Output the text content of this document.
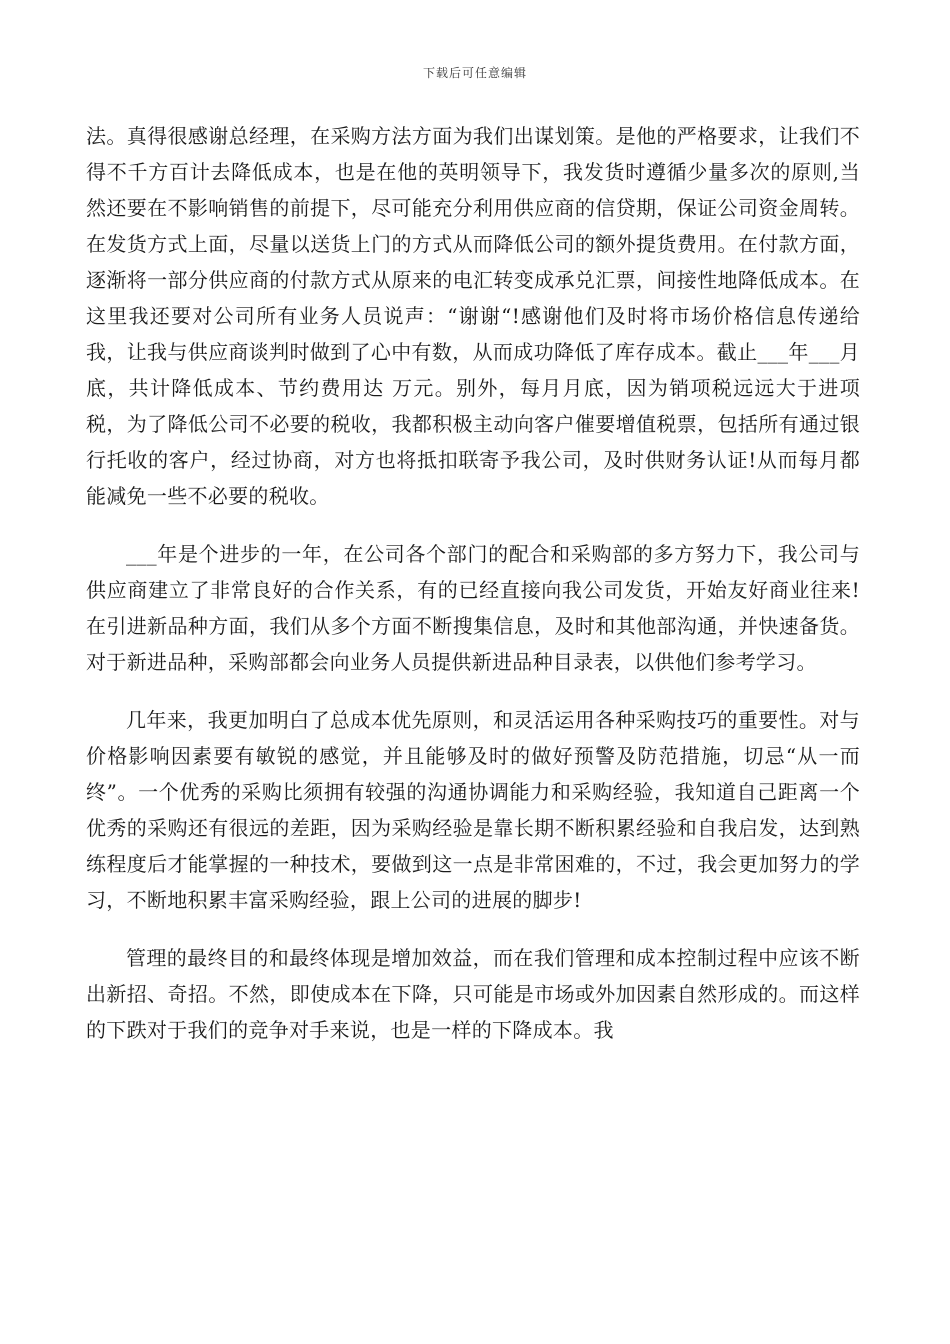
下载后可任意编辑

法。真得很感谢总经理，在采购方法方面为我们出谋划策。是他的严格要求，让我们不得不千方百计去降低成本，也是在他的英明领导下，我发货时遵循少量多次的原则,当然还要在不影响销售的前提下，尽可能充分利用供应商的信贷期，保证公司资金周转。在发货方式上面，尽量以送货上门的方式从而降低公司的额外提货费用。在付款方面，逐渐将一部分供应商的付款方式从原来的电汇转变成承兑汇票，间接性地降低成本。在这里我还要对公司所有业务人员说声：“谢谢“!感谢他们及时将市场价格信息传递给我，让我与供应商谈判时做到了心中有数，从而成功降低了库存成本。截止___年___月底，共计降低成本、节约费用达 万元。别外，每月月底，因为销项税远远大于进项税，为了降低公司不必要的税收，我都积极主动向客户催要增值税票，包括所有通过银行托收的客户，经过协商，对方也将抵扣联寄予我公司，及时供财务认证!从而每月都能减免一些不必要的税收。

___年是个进步的一年，在公司各个部门的配合和采购部的多方努力下，我公司与供应商建立了非常良好的合作关系，有的已经直接向我公司发货，开始友好商业往来!在引进新品种方面，我们从多个方面不断搜集信息，及时和其他部沟通，并快速备货。对于新进品种，采购部都会向业务人员提供新进品种目录表，以供他们参考学习。

几年来，我更加明白了总成本优先原则，和灵活运用各种采购技巧的重要性。对与价格影响因素要有敏锐的感觉，并且能够及时的做好预警及防范措施，切忌“从一而终”。一个优秀的采购比须拥有较强的沟通协调能力和采购经验，我知道自己距离一个优秀的采购还有很远的差距，因为采购经验是靠长期不断积累经验和自我启发，达到熟练程度后才能掌握的一种技术，要做到这一点是非常困难的，不过，我会更加努力的学习，不断地积累丰富采购经验，跟上公司的进展的脚步!

管理的最终目的和最终体现是增加效益，而在我们管理和成本控制过程中应该不断出新招、奇招。不然，即使成本在下降，只可能是市场或外加因素自然形成的。而这样的下跌对于我们的竞争对手来说，也是一样的下降成本。我
